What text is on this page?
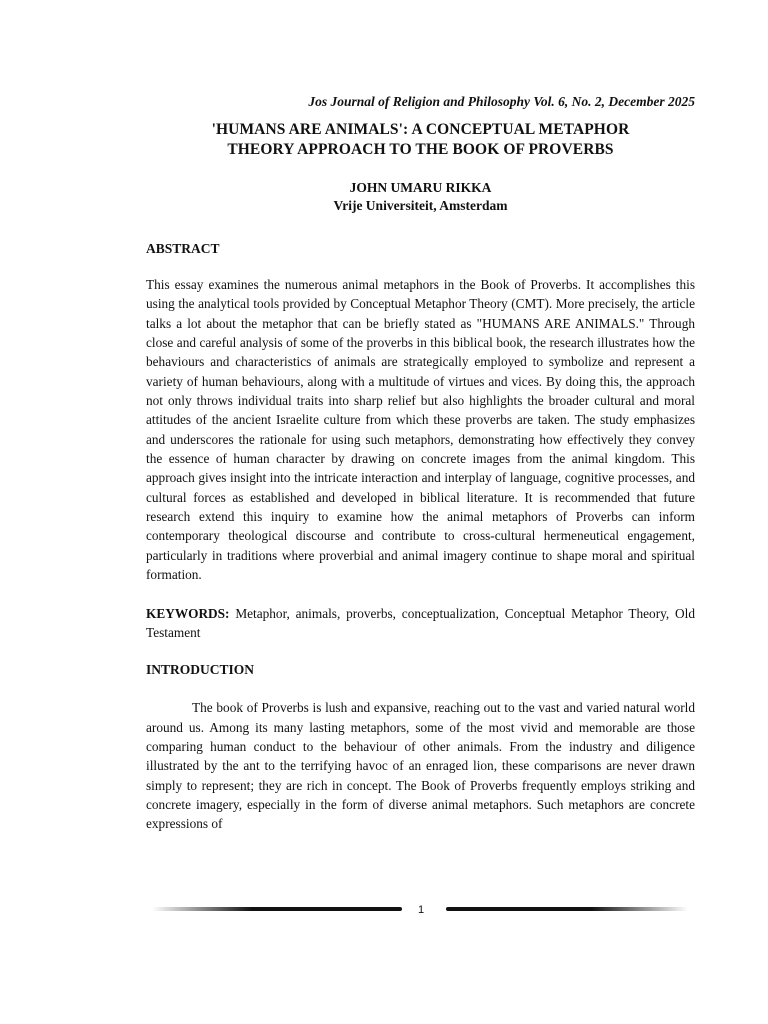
Jos Journal of Religion and Philosophy Vol. 6, No. 2, December 2025

'HUMANS ARE ANIMALS': A CONCEPTUAL METAPHOR
THEORY APPROACH TO THE BOOK OF PROVERBS
JOHN UMARU RIKKA
Vrije Universiteit, Amsterdam
ABSTRACT

This essay examines the numerous animal metaphors in the Book of Proverbs. It accomplishes this using the analytical tools provided by Conceptual Metaphor Theory (CMT). More precisely, the article talks a lot about the metaphor that can be briefly stated as "HUMANS ARE ANIMALS." Through close and careful analysis of some of the proverbs in this biblical book, the research illustrates how the behaviours and characteristics of animals are strategically employed to symbolize and represent a variety of human behaviours, along with a multitude of virtues and vices. By doing this, the approach not only throws individual traits into sharp relief but also highlights the broader cultural and moral attitudes of the ancient Israelite culture from which these proverbs are taken. The study emphasizes and underscores the rationale for using such metaphors, demonstrating how effectively they convey the essence of human character by drawing on concrete images from the animal kingdom. This approach gives insight into the intricate interaction and interplay of language, cognitive processes, and cultural forces as established and developed in biblical literature. It is recommended that future research extend this inquiry to examine how the animal metaphors of Proverbs can inform contemporary theological discourse and contribute to cross-cultural hermeneutical engagement, particularly in traditions where proverbial and animal imagery continue to shape moral and spiritual formation.

KEYWORDS: Metaphor, animals, proverbs, conceptualization, Conceptual Metaphor Theory, Old Testament

INTRODUCTION

The book of Proverbs is lush and expansive, reaching out to the vast and varied natural world around us. Among its many lasting metaphors, some of the most vivid and memorable are those comparing human conduct to the behaviour of other animals. From the industry and diligence illustrated by the ant to the terrifying havoc of an enraged lion, these comparisons are never drawn simply to represent; they are rich in concept. The Book of Proverbs frequently employs striking and concrete imagery, especially in the form of diverse animal metaphors. Such metaphors are concrete expressions of

1
